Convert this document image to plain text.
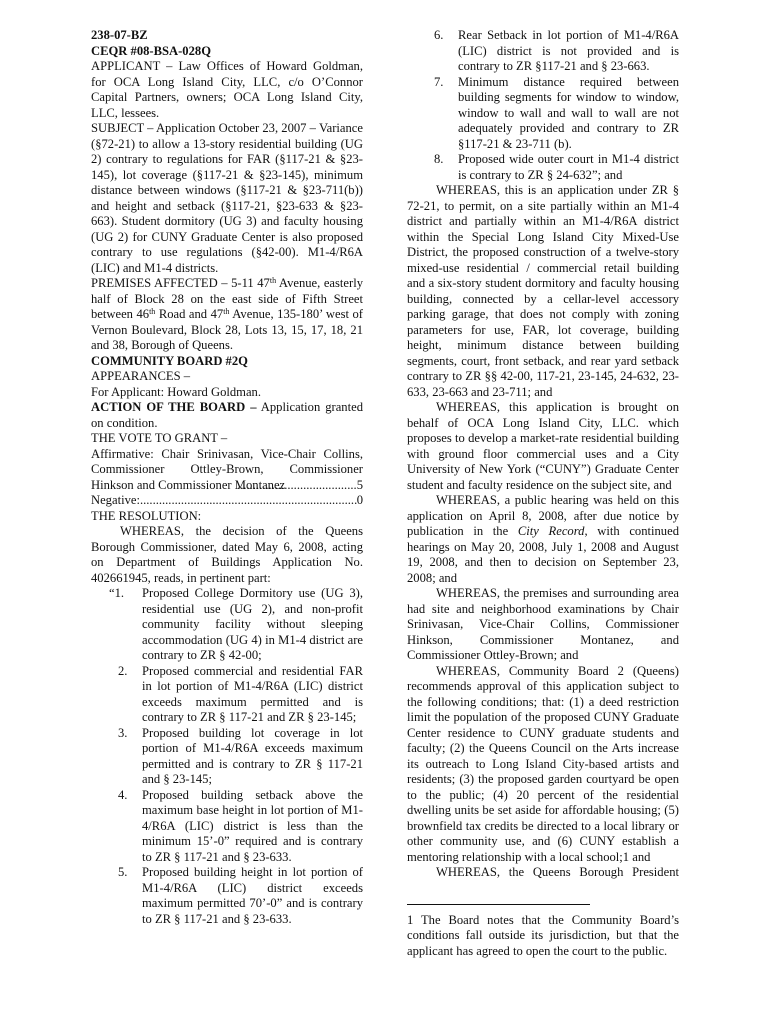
238-07-BZ

CEQR #08-BSA-028Q

APPLICANT – Law Offices of Howard Goldman, for OCA Long Island City, LLC, c/o O’Connor Capital Partners, owners; OCA Long Island City, LLC, lessees.

SUBJECT – Application October 23, 2007 – Variance (§72-21) to allow a 13-story residential building (UG 2) contrary to regulations for FAR (§117-21 & §23-145), lot coverage (§117-21 & §23-145), minimum distance between windows (§117-21 & §23-711(b)) and height and setback (§117-21, §23-633 & §23-663). Student dormitory (UG 3) and faculty housing (UG 2) for CUNY Graduate Center is also proposed contrary to use regulations (§42-00). M1-4/R6A (LIC) and M1-4 districts.

PREMISES AFFECTED – 5-11 47th Avenue, easterly half of Block 28 on the east side of Fifth Street between 46th Road and 47th Avenue, 135-180’ west of Vernon Boulevard, Block 28, Lots 13, 15, 17, 18, 21 and 38, Borough of Queens.

COMMUNITY BOARD #2Q

APPEARANCES –

For Applicant: Howard Goldman.

ACTION OF THE BOARD – Application granted on condition.

THE VOTE TO GRANT –

Affirmative: Chair Srinivasan, Vice-Chair Collins, Commissioner Ottley-Brown, Commissioner Hinkson and Commissioner Montanez .....	5
Negative: .....	0

THE RESOLUTION:

WHEREAS, the decision of the Queens Borough Commissioner, dated May 6, 2008, acting on Department of Buildings Application No. 402661945, reads, in pertinent part:

“1. Proposed College Dormitory use (UG 3), residential use (UG 2), and non-profit community facility without sleeping accommodation (UG 4) in M1-4 district are contrary to ZR § 42-00;
2. Proposed commercial and residential FAR in lot portion of M1-4/R6A (LIC) district exceeds maximum permitted and is contrary to ZR § 117-21 and ZR § 23-145;
3. Proposed building lot coverage in lot portion of M1-4/R6A exceeds maximum permitted and is contrary to ZR § 117-21 and § 23-145;
4. Proposed building setback above the maximum base height in lot portion of M1-4/R6A (LIC) district is less than the minimum 15’-0” required and is contrary to ZR § 117-21 and § 23-633.
5. Proposed building height in lot portion of M1-4/R6A (LIC) district exceeds maximum permitted 70’-0” and is contrary to ZR § 117-21 and § 23-633.
6. Rear Setback in lot portion of M1-4/R6A (LIC) district is not provided and is contrary to ZR §117-21 and § 23-663.
7. Minimum distance required between building segments for window to window, window to wall and wall to wall are not adequately provided and contrary to ZR §117-21 & 23-711 (b).
8. Proposed wide outer court in M1-4 district is contrary to ZR § 24-632”; and

WHEREAS, this is an application under ZR § 72-21, to permit, on a site partially within an M1-4 district and partially within an M1-4/R6A district within the Special Long Island City Mixed-Use District, the proposed construction of a twelve-story mixed-use residential / commercial retail building and a six-story student dormitory and faculty housing building, connected by a cellar-level accessory parking garage, that does not comply with zoning parameters for use, FAR, lot coverage, building height, minimum distance between building segments, court, front setback, and rear yard setback contrary to ZR §§ 42-00, 117-21, 23-145, 24-632, 23-633, 23-663 and 23-711; and

WHEREAS, this application is brought on behalf of OCA Long Island City, LLC. which proposes to develop a market-rate residential building with ground floor commercial uses and a City University of New York (“CUNY”) Graduate Center student and faculty residence on the subject site, and

WHEREAS, a public hearing was held on this application on April 8, 2008, after due notice by publication in the City Record, with continued hearings on May 20, 2008, July 1, 2008 and August 19, 2008, and then to decision on September 23, 2008; and

WHEREAS, the premises and surrounding area had site and neighborhood examinations by Chair Srinivasan, Vice-Chair Collins, Commissioner Hinkson, Commissioner Montanez, and Commissioner Ottley-Brown; and

WHEREAS, Community Board 2 (Queens) recommends approval of this application subject to the following conditions; that: (1) a deed restriction limit the population of the proposed CUNY Graduate Center residence to CUNY graduate students and faculty; (2) the Queens Council on the Arts increase its outreach to Long Island City-based artists and residents; (3) the proposed garden courtyard be open to the public; (4) 20 percent of the residential dwelling units be set aside for affordable housing; (5) brownfield tax credits be directed to a local library or other community use, and (6) CUNY establish a mentoring relationship with a local school;1 and

WHEREAS, the Queens Borough President

1 The Board notes that the Community Board’s conditions fall outside its jurisdiction, but that the applicant has agreed to open the court to the public.
